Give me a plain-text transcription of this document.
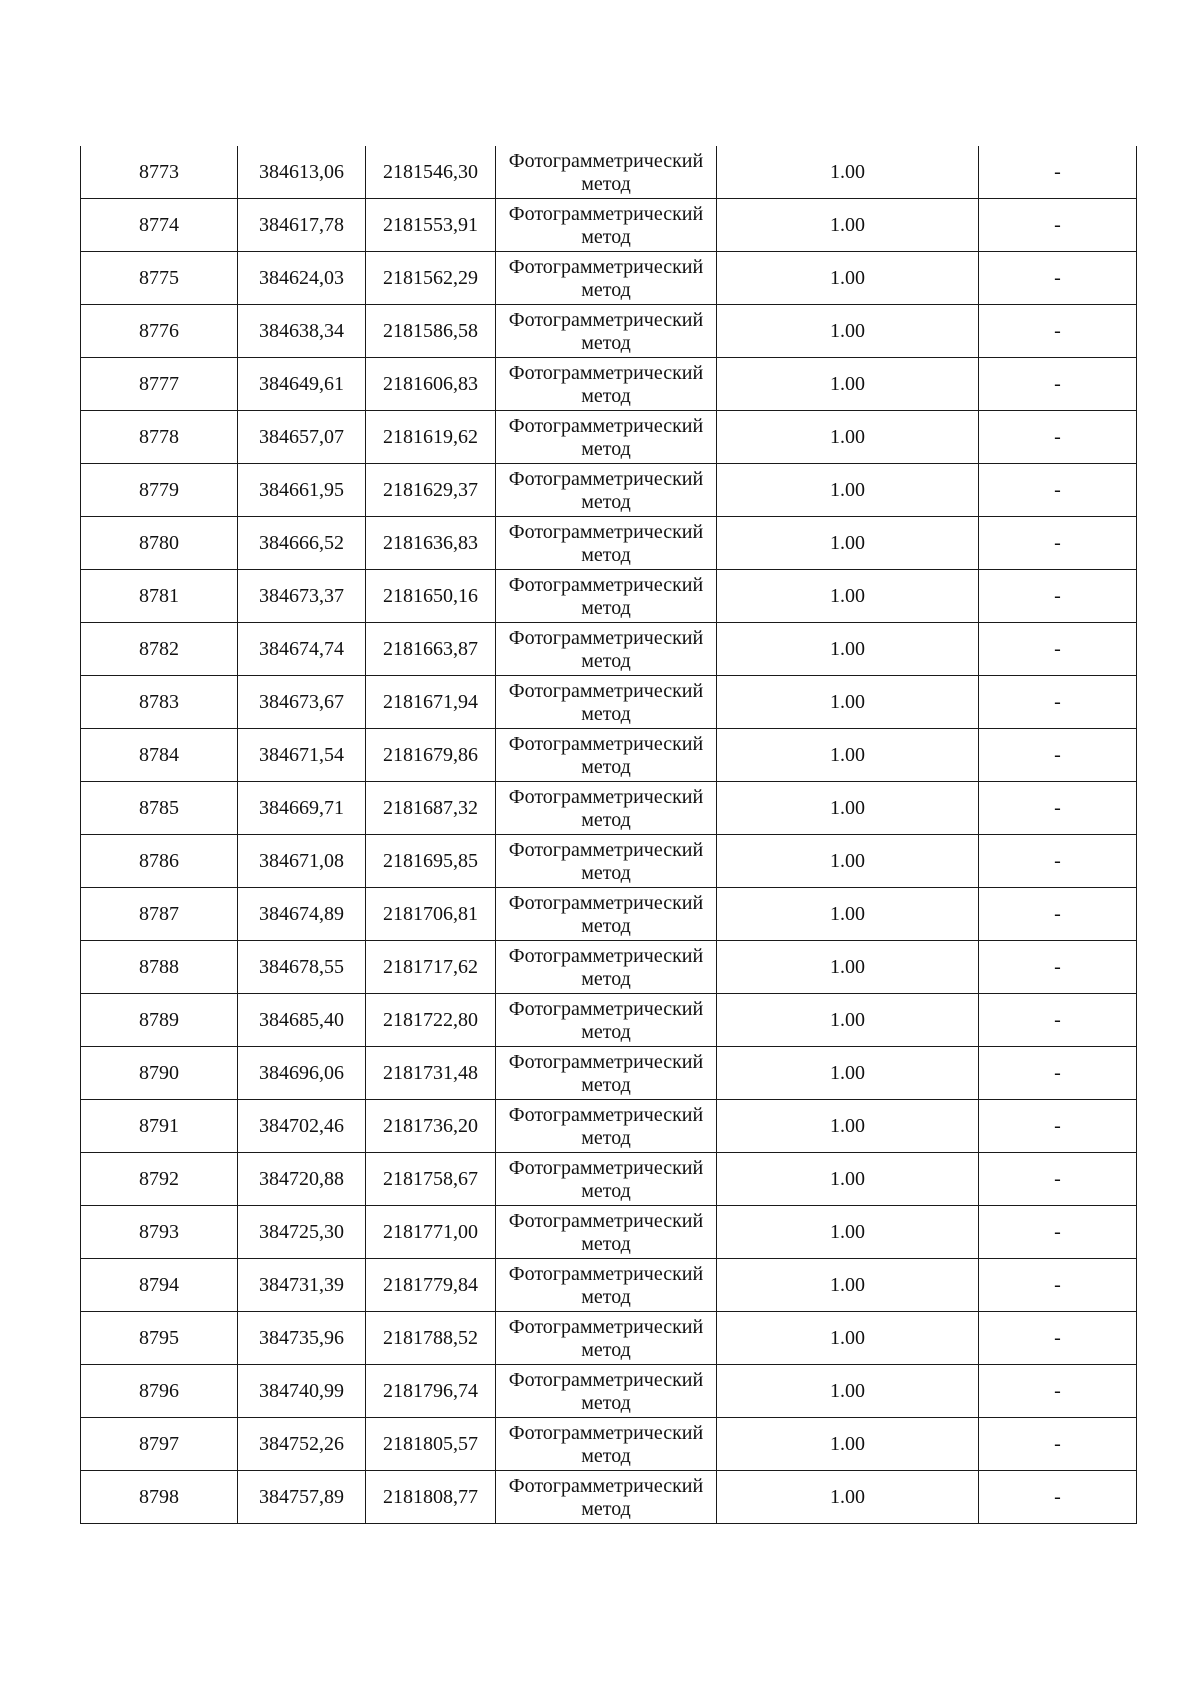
8773	384613,06	2181546,30	Фотограмметрический
метод	1.00	-
8774	384617,78	2181553,91	Фотограмметрический
метод	1.00	-
8775	384624,03	2181562,29	Фотограмметрический
метод	1.00	-
8776	384638,34	2181586,58	Фотограмметрический
метод	1.00	-
8777	384649,61	2181606,83	Фотограмметрический
метод	1.00	-
8778	384657,07	2181619,62	Фотограмметрический
метод	1.00	-
8779	384661,95	2181629,37	Фотограмметрический
метод	1.00	-
8780	384666,52	2181636,83	Фотограмметрический
метод	1.00	-
8781	384673,37	2181650,16	Фотограмметрический
метод	1.00	-
8782	384674,74	2181663,87	Фотограмметрический
метод	1.00	-
8783	384673,67	2181671,94	Фотограмметрический
метод	1.00	-
8784	384671,54	2181679,86	Фотограмметрический
метод	1.00	-
8785	384669,71	2181687,32	Фотограмметрический
метод	1.00	-
8786	384671,08	2181695,85	Фотограмметрический
метод	1.00	-
8787	384674,89	2181706,81	Фотограмметрический
метод	1.00	-
8788	384678,55	2181717,62	Фотограмметрический
метод	1.00	-
8789	384685,40	2181722,80	Фотограмметрический
метод	1.00	-
8790	384696,06	2181731,48	Фотограмметрический
метод	1.00	-
8791	384702,46	2181736,20	Фотограмметрический
метод	1.00	-
8792	384720,88	2181758,67	Фотограмметрический
метод	1.00	-
8793	384725,30	2181771,00	Фотограмметрический
метод	1.00	-
8794	384731,39	2181779,84	Фотограмметрический
метод	1.00	-
8795	384735,96	2181788,52	Фотограмметрический
метод	1.00	-
8796	384740,99	2181796,74	Фотограмметрический
метод	1.00	-
8797	384752,26	2181805,57	Фотограмметрический
метод	1.00	-
8798	384757,89	2181808,77	Фотограмметрический
метод	1.00	-
